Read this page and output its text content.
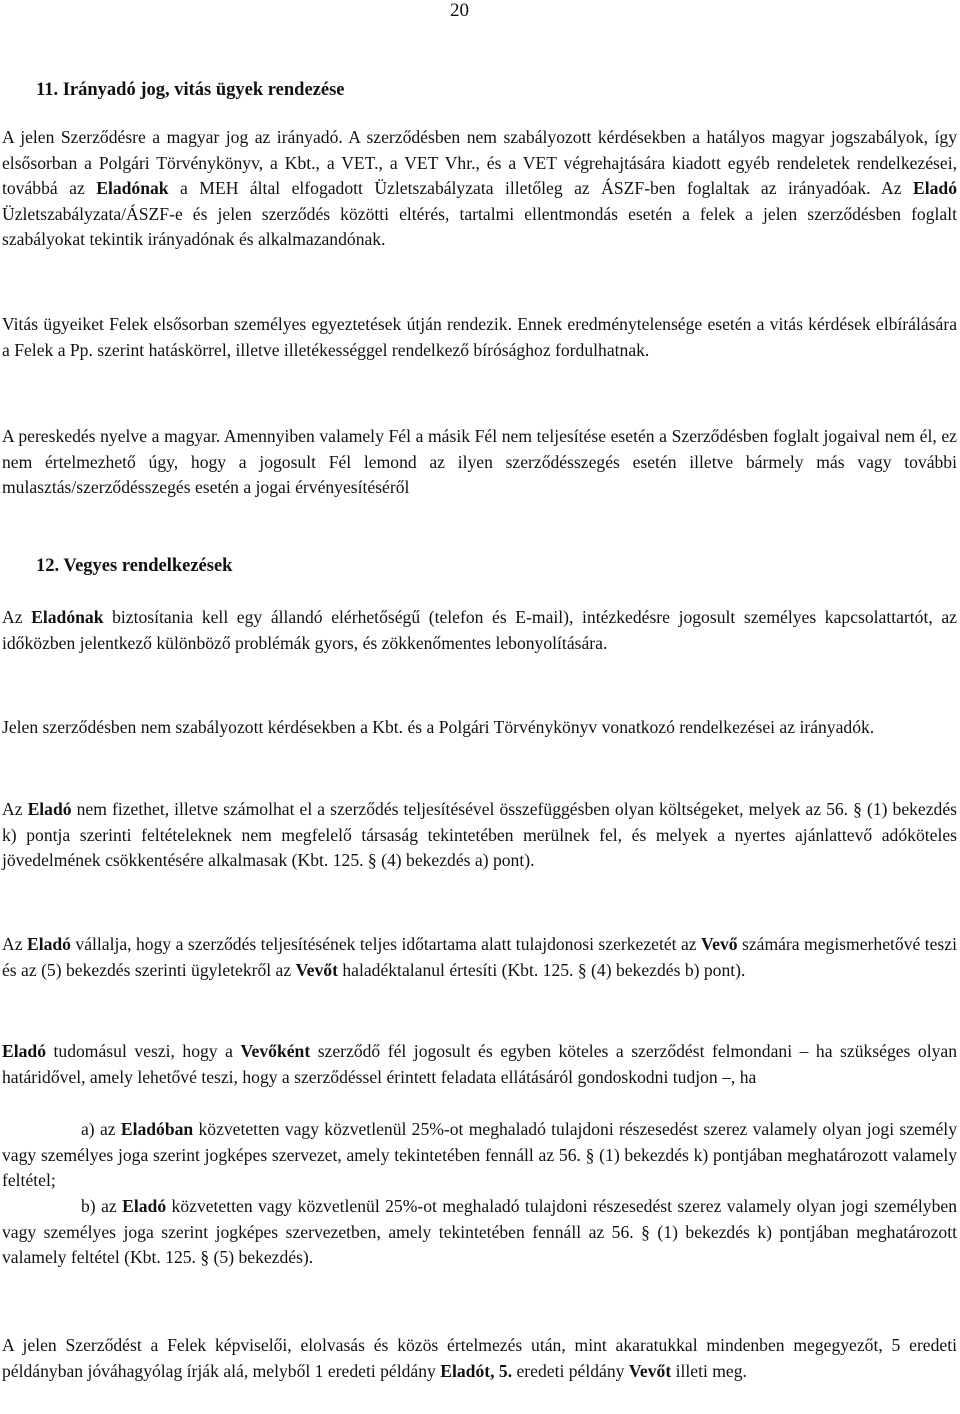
20
11. Irányadó jog, vitás ügyek rendezése

A jelen Szerződésre a magyar jog az irányadó. A szerződésben nem szabályozott kérdésekben a hatályos magyar jogszabályok, így elsősorban a Polgári Törvénykönyv, a Kbt., a VET., a VET Vhr., és a VET végrehajtására kiadott egyéb rendeletek rendelkezései, továbbá az Eladónak a MEH által elfogadott Üzletszabályzata illetőleg az ÁSZF-ben foglaltak az irányadóak. Az Eladó Üzletszabályzata/ÁSZF-e és jelen szerződés közötti eltérés, tartalmi ellentmondás esetén a felek a jelen szerződésben foglalt szabályokat tekintik irányadónak és alkalmazandónak.

Vitás ügyeiket Felek elsősorban személyes egyeztetések útján rendezik. Ennek eredménytelensége esetén a vitás kérdések elbírálására a Felek a Pp. szerint hatáskörrel, illetve illetékességgel rendelkező bírósághoz fordulhatnak.

A pereskedés nyelve a magyar. Amennyiben valamely Fél a másik Fél nem teljesítése esetén a Szerződésben foglalt jogaival nem él, ez nem értelmezhető úgy, hogy a jogosult Fél lemond az ilyen szerződésszegés esetén illetve bármely más vagy további mulasztás/szerződésszegés esetén a jogai érvényesítéséről

12. Vegyes rendelkezések

Az Eladónak biztosítania kell egy állandó elérhetőségű (telefon és E-mail), intézkedésre jogosult személyes kapcsolattartót, az időközben jelentkező különböző problémák gyors, és zökkenőmentes lebonyolítására.

Jelen szerződésben nem szabályozott kérdésekben a Kbt. és a Polgári Törvénykönyv vonatkozó rendelkezései az irányadók.

Az Eladó nem fizethet, illetve számolhat el a szerződés teljesítésével összefüggésben olyan költségeket, melyek az 56. § (1) bekezdés k) pontja szerinti feltételeknek nem megfelelő társaság tekintetében merülnek fel, és melyek a nyertes ajánlattevő adóköteles jövedelmének csökkentésére alkalmasak (Kbt. 125. § (4) bekezdés a) pont).

Az Eladó vállalja, hogy a szerződés teljesítésének teljes időtartama alatt tulajdonosi szerkezetét az Vevő számára megismerhetővé teszi és az (5) bekezdés szerinti ügyletekről az Vevőt haladéktalanul értesíti (Kbt. 125. § (4) bekezdés b) pont).

Eladó tudomásul veszi, hogy a Vevőként szerződő fél jogosult és egyben köteles a szerződést felmondani – ha szükséges olyan határidővel, amely lehetővé teszi, hogy a szerződéssel érintett feladata ellátásáról gondoskodni tudjon –, ha

a) az Eladóban közvetetten vagy közvetlenül 25%-ot meghaladó tulajdoni részesedést szerez valamely olyan jogi személy vagy személyes joga szerint jogképes szervezet, amely tekintetében fennáll az 56. § (1) bekezdés k) pontjában meghatározott valamely feltétel;

b) az Eladó közvetetten vagy közvetlenül 25%-ot meghaladó tulajdoni részesedést szerez valamely olyan jogi személyben vagy személyes joga szerint jogképes szervezetben, amely tekintetében fennáll az 56. § (1) bekezdés k) pontjában meghatározott valamely feltétel (Kbt. 125. § (5) bekezdés).

A jelen Szerződést a Felek képviselői, elolvasás és közös értelmezés után, mint akaratukkal mindenben megegyezőt, 5 eredeti példányban jóváhagyólag írják alá, melyből 1 eredeti példány Eladót, 5. eredeti példány Vevőt illeti meg.
